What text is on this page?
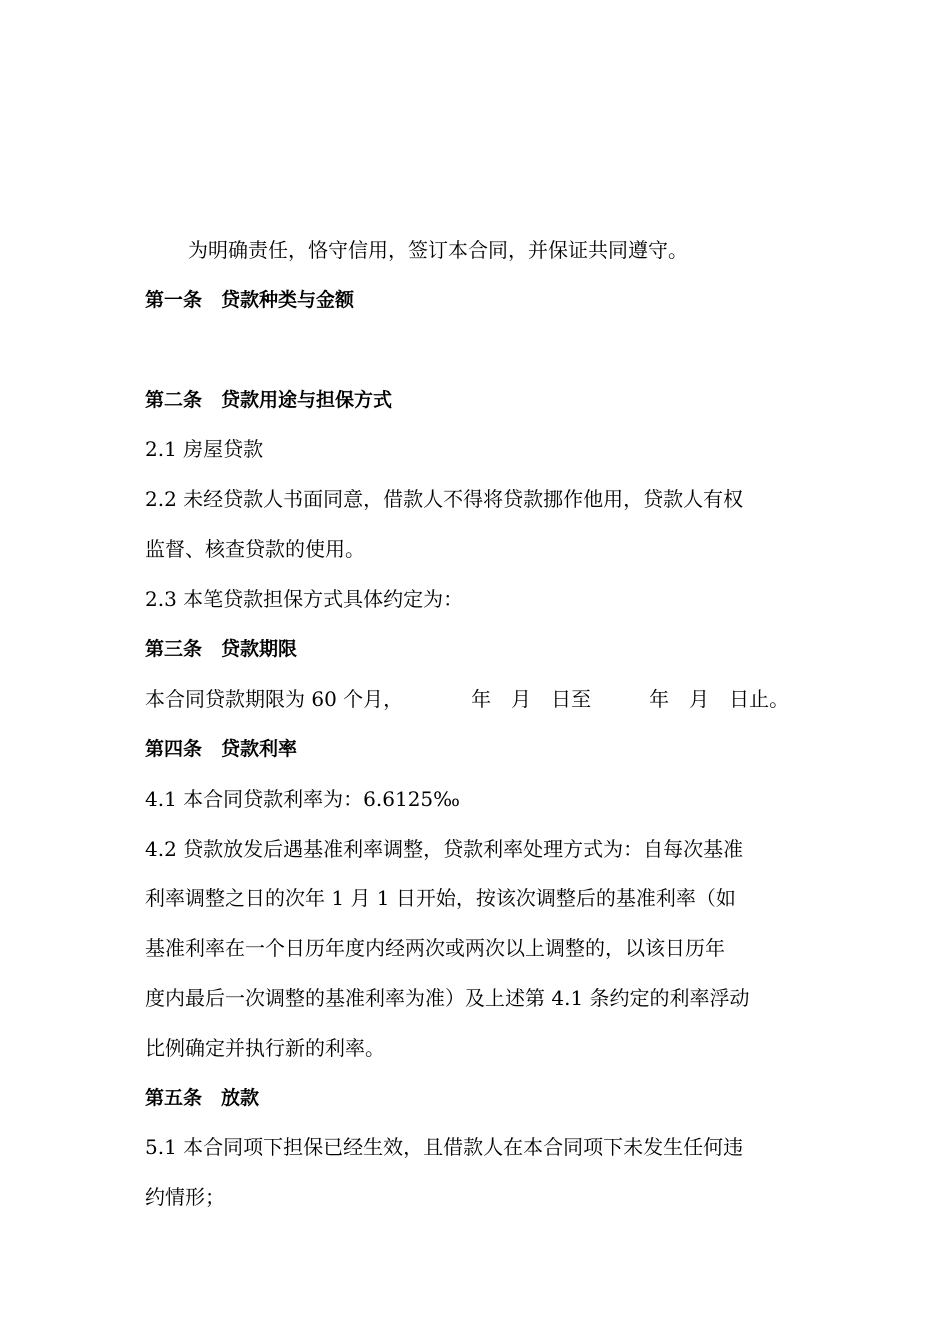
为明确责任，恪守信用，签订本合同，并保证共同遵守。
第一条　贷款种类与金额
第二条　贷款用途与担保方式
2.1 房屋贷款
2.2 未经贷款人书面同意，借款人不得将贷款挪作他用，贷款人有权
监督、核查贷款的使用。
2.3 本笔贷款担保方式具体约定为：
第三条　贷款期限
本合同贷款期限为 60 个月，	年 月 日至	年 月 日止。
第四条　贷款利率
4.1 本合同贷款利率为：6.6125‰
4.2 贷款放发后遇基准利率调整，贷款利率处理方式为：自每次基准
利率调整之日的次年 1 月 1 日开始，按该次调整后的基准利率（如
基准利率在一个日历年度内经两次或两次以上调整的，以该日历年
度内最后一次调整的基准利率为准）及上述第 4.1 条约定的利率浮动
比例确定并执行新的利率。
第五条　放款
5.1 本合同项下担保已经生效，且借款人在本合同项下未发生任何违
约情形；
